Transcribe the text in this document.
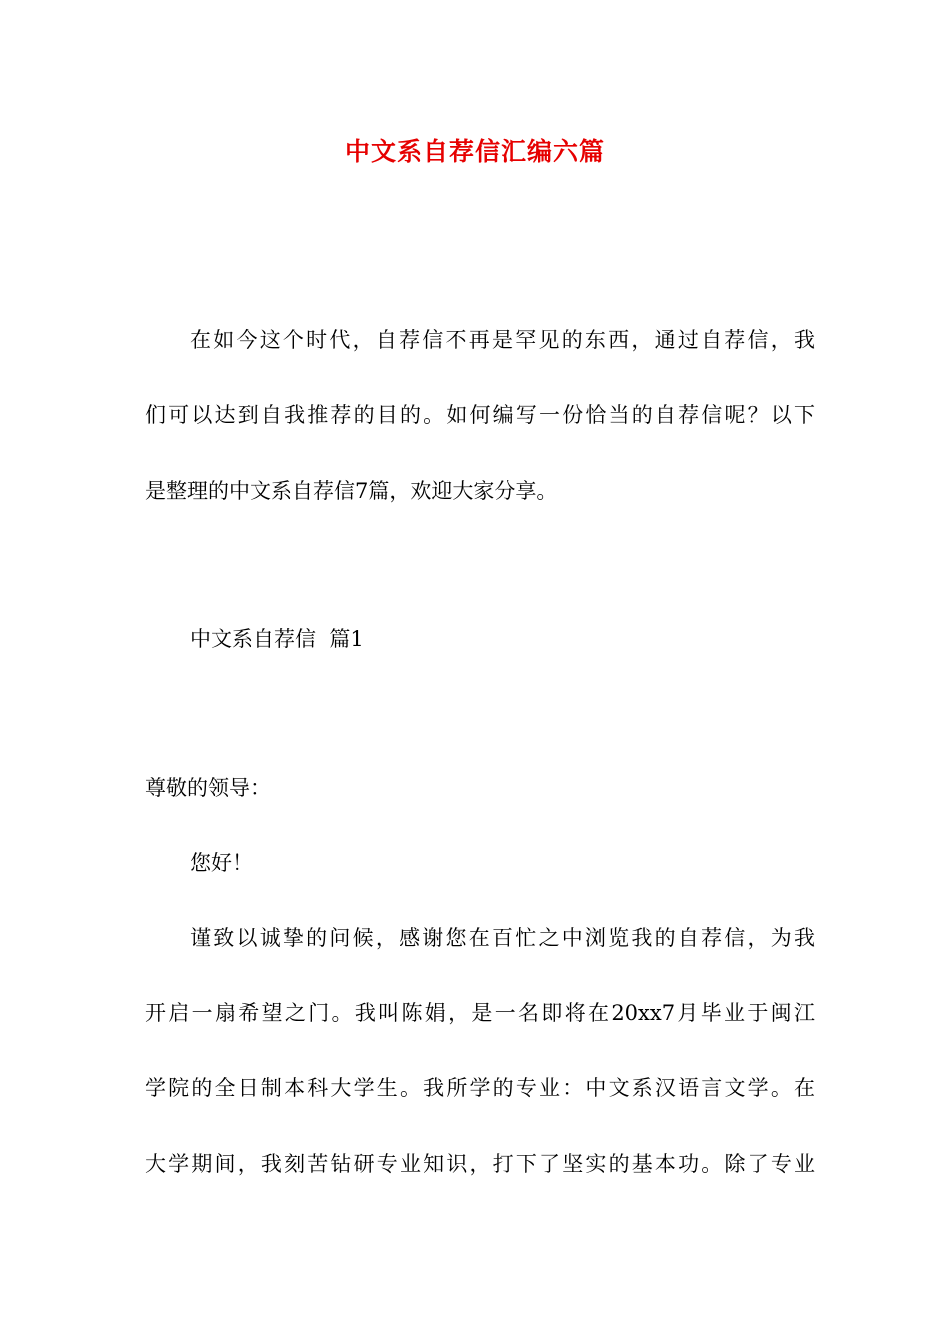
中文系自荐信汇编六篇
在如今这个时代，自荐信不再是罕见的东西，通过自荐信，我
们可以达到自我推荐的目的。如何编写一份恰当的自荐信呢？以下
是整理的中文系自荐信7篇，欢迎大家分享。
中文系自荐信  篇1
尊敬的领导：
您好！
谨致以诚挚的问候，感谢您在百忙之中浏览我的自荐信，为我
开启一扇希望之门。我叫陈娟，是一名即将在20xx7月毕业于闽江
学院的全日制本科大学生。我所学的专业：中文系汉语言文学。在
大学期间，我刻苦钻研专业知识，打下了坚实的基本功。除了专业
